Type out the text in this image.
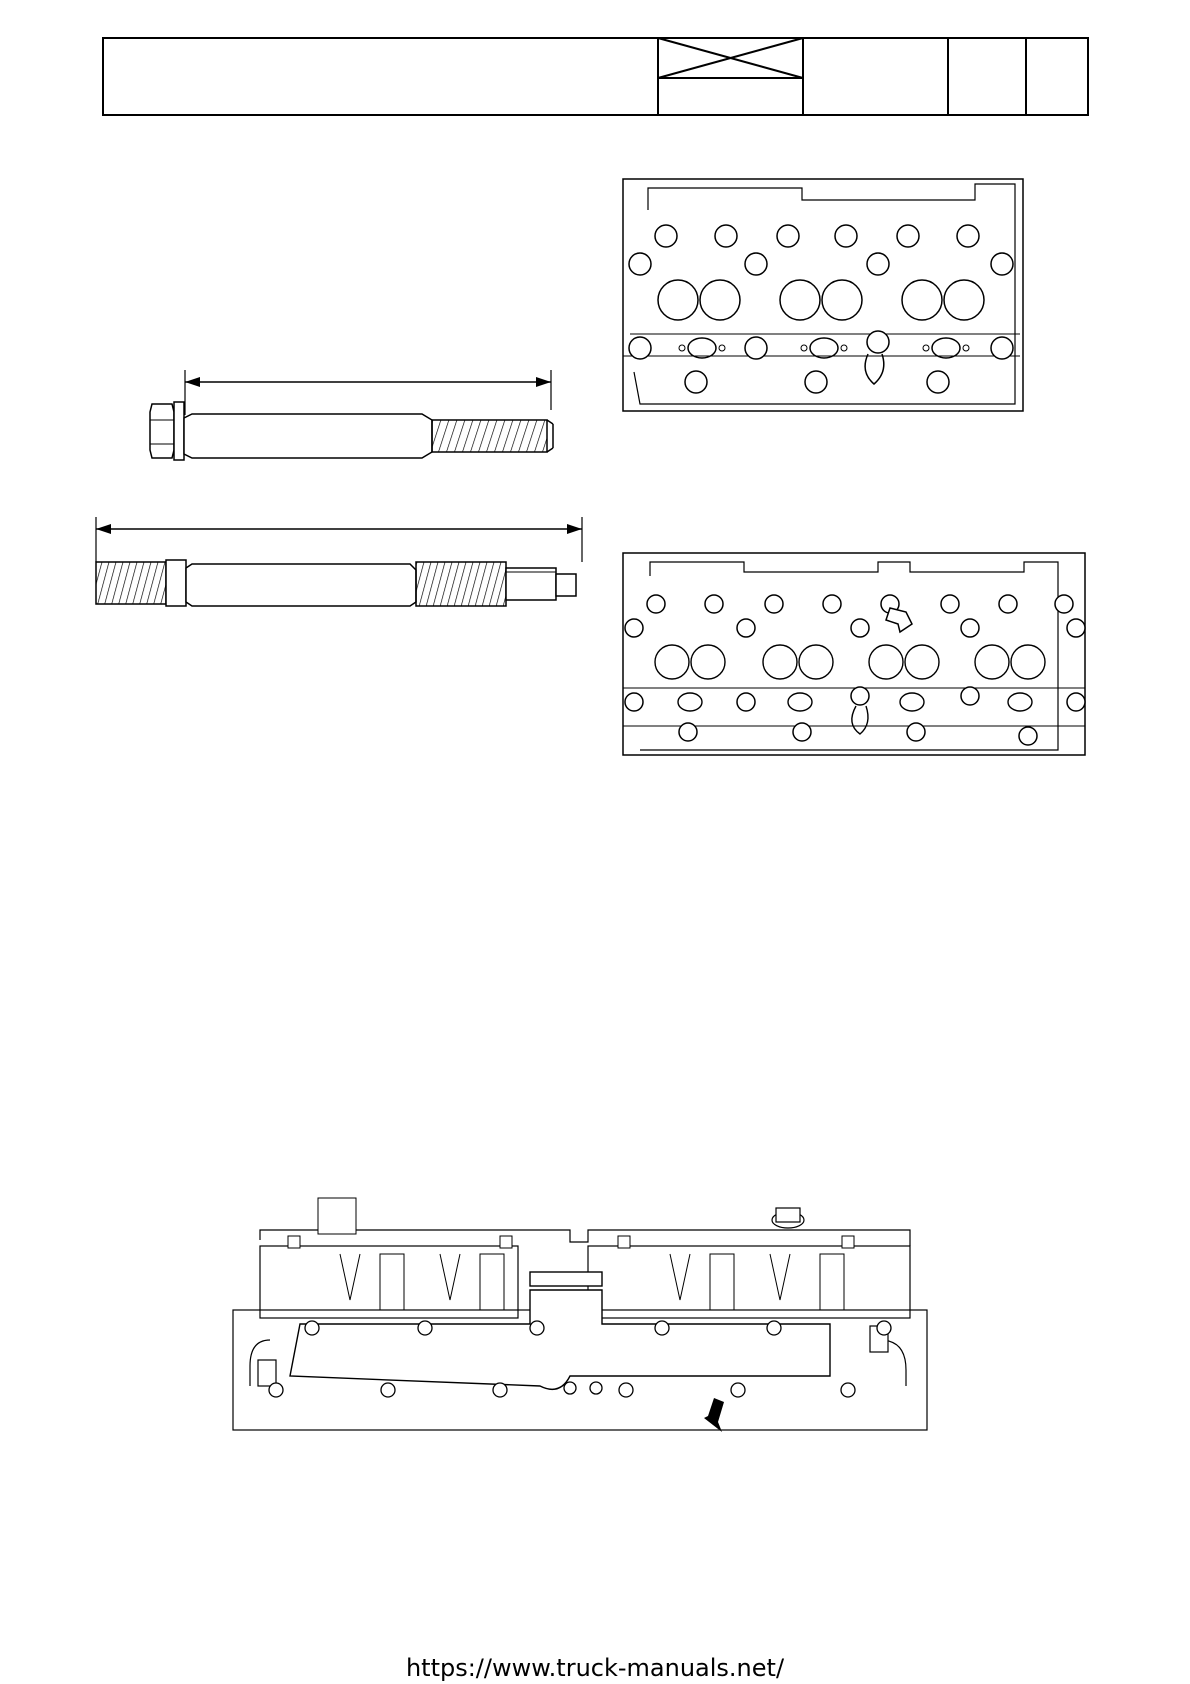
https://www.truck-manuals.net/
